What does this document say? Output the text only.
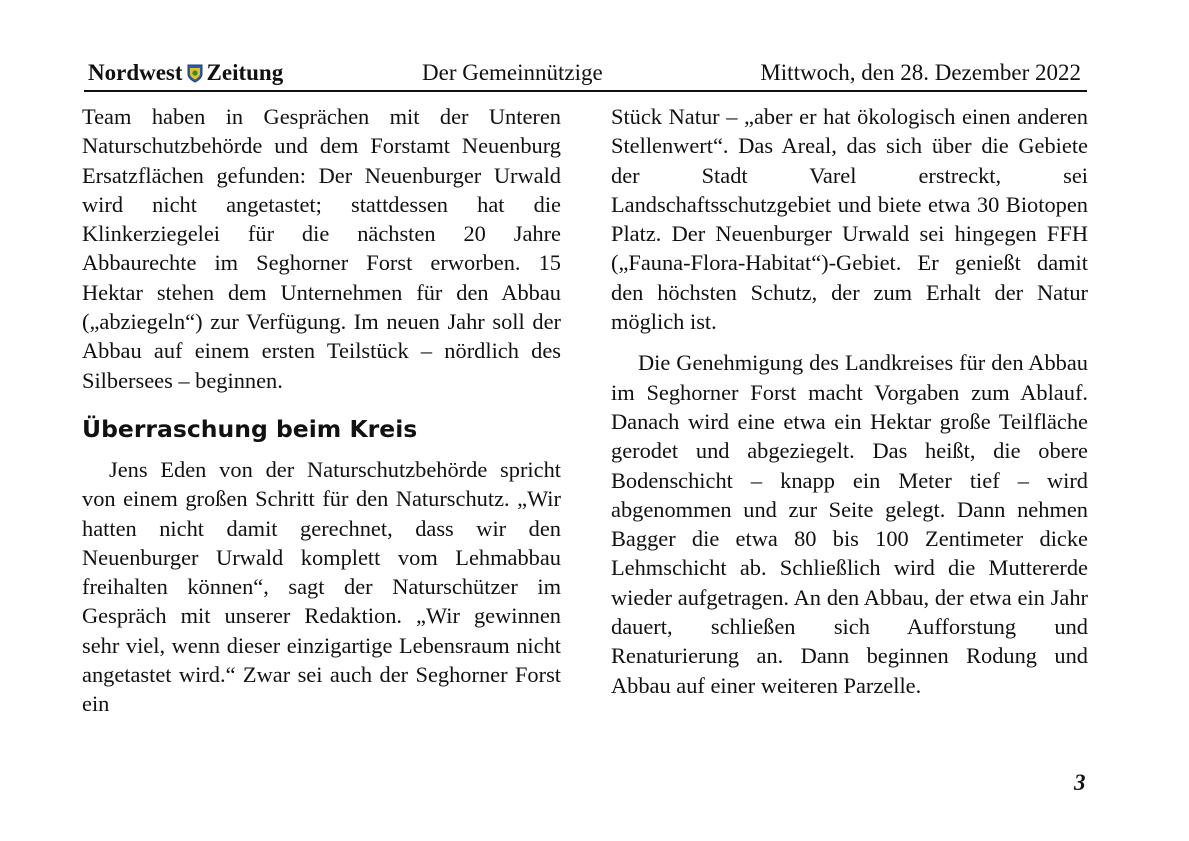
Nordwest Zeitung	Der Gemeinnützige	Mittwoch, den 28. Dezember 2022

Team haben in Gesprächen mit der Unteren Naturschutzbehörde und dem Forstamt Neuenburg Ersatzflächen gefunden: Der Neuenburger Urwald wird nicht angetastet; stattdessen hat die Klinkerziegelei für die nächsten 20 Jahre Abbaurechte im Seghorner Forst erworben. 15 Hektar stehen dem Unternehmen für den Abbau („abziegeln“) zur Verfügung. Im neuen Jahr soll der Abbau auf einem ersten Teilstück – nördlich des Silbersees – beginnen.

Überraschung beim Kreis

Jens Eden von der Naturschutzbehörde spricht von einem großen Schritt für den Naturschutz. „Wir hatten nicht damit gerechnet, dass wir den Neuenburger Urwald komplett vom Lehmabbau freihalten können“, sagt der Naturschützer im Gespräch mit unserer Redaktion. „Wir gewinnen sehr viel, wenn dieser einzigartige Lebensraum nicht angetastet wird.“ Zwar sei auch der Seghorner Forst ein

Stück Natur – „aber er hat ökologisch einen anderen Stellenwert“. Das Areal, das sich über die Gebiete der Stadt Varel erstreckt, sei Landschaftsschutzgebiet und biete etwa 30 Biotopen Platz. Der Neuenburger Urwald sei hingegen FFH („Fauna-Flora-Habitat“)-Gebiet. Er genießt damit den höchsten Schutz, der zum Erhalt der Natur möglich ist.

Die Genehmigung des Landkreises für den Abbau im Seghorner Forst macht Vorgaben zum Ablauf. Danach wird eine etwa ein Hektar große Teilfläche gerodet und abgeziegelt. Das heißt, die obere Bodenschicht – knapp ein Meter tief – wird abgenommen und zur Seite gelegt. Dann nehmen Bagger die etwa 80 bis 100 Zentimeter dicke Lehmschicht ab. Schließlich wird die Muttererde wieder aufgetragen. An den Abbau, der etwa ein Jahr dauert, schließen sich Aufforstung und Renaturierung an. Dann beginnen Rodung und Abbau auf einer weiteren Parzelle.

3
